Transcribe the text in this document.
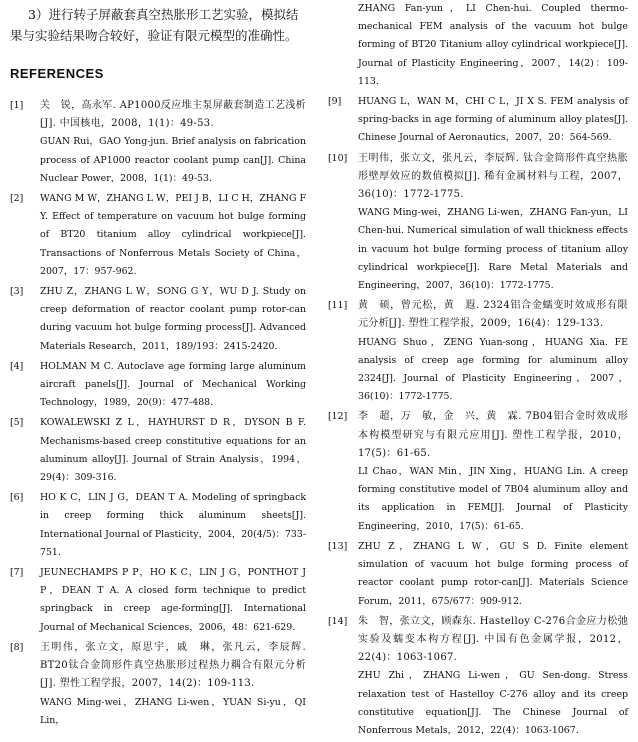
3）进行转子屏蔽套真空热胀形工艺实验，模拟结
果与实验结果吻合较好，验证有限元模型的准确性。
REFERENCES
[1] 关　锐，高永军. AP1000反应堆主泵屏蔽套制造工艺浅析[J]. 中国核电，2008，1(1)：49-53.
GUAN Rui，GAO Yong-jun. Brief analysis on fabrication process of AP1000 reactor coolant pump can[J]. China Nuclear Power，2008，1(1)：49-53.
[2] WANG M W，ZHANG L W，PEI J B，LI C H，ZHANG F Y. Effect of temperature on vacuum hot bulge forming of BT20 titanium alloy cylindrical workpiece[J]. Transactions of Nonferrous Metals Society of China，2007，17：957-962.
[3] ZHU Z，ZHANG L W，SONG G Y，WU D J. Study on creep deformation of reactor coolant pump rotor-can during vacuum hot bulge forming process[J]. Advanced Materials Research，2011，189/193：2415-2420.
[4] HOLMAN M C. Autoclave age forming large aluminum aircraft panels[J]. Journal of Mechanical Working Technology，1989，20(9)：477-488.
[5] KOWALEWSKI Z L，HAYHURST D R，DYSON B F. Mechanisms-based creep constitutive equations for an aluminum alloy[J]. Journal of Strain Analysis，1994，29(4)：309-316.
[6] HO K C，LIN J G，DEAN T A. Modeling of springback in creep forming thick aluminum sheets[J]. International Journal of Plasticity，2004，20(4/5)：733-751.
[7] JEUNECHAMPS P P，HO K C，LIN J G，PONTHOT J P，DEAN T A. A closed form technique to predict springback in creep age-forming[J]. International Journal of Mechanical Sciences，2006，48：621-629.
[8] 王明伟，张立文，原思宇，戚　琳，张凡云，李辰辉. BT20钛合金筒形件真空热胀形过程热力耦合有限元分析[J]. 塑性工程学报，2007，14(2)：109-113.
WANG Ming-wei，ZHANG Li-wen，YUAN Si-yu，QI Lin，
ZHANG Fan-yun，LI Chen-hui. Coupled thermo-mechanical FEM analysis of the vacuum hot bulge forming of BT20 Titanium alloy cylindrical workpiece[J]. Journal of Plasticity Engineering，2007，14(2)：109-113.
[9] HUANG L，WAN M，CHI C L，JI X S. FEM analysis of spring-backs in age forming of aluminum alloy plates[J]. Chinese Journal of Aeronautics，2007，20：564-569.
[10] 王明伟，张立文，张凡云，李辰辉. 钛合金筒形件真空热胀形壁厚效应的数值模拟[J]. 稀有金属材料与工程，2007，36(10)：1772-1775.
WANG Ming-wei，ZHANG Li-wen，ZHANG Fan-yun，LI Chen-hui. Numerical simulation of wall thickness effects in vacuum hot bulge forming process of titanium alloy cylindrical workpiece[J]. Rare Metal Materials and Engineering，2007，36(10)：1772-1775.
[11] 黄　硕，曾元松，黄　遐. 2324铝合金蠕变时效成形有限元分析[J]. 塑性工程学报，2009，16(4)：129-133.
HUANG Shuo，ZENG Yuan-song，HUANG Xia. FE analysis of creep age forming for aluminum alloy 2324[J]. Journal of Plasticity Engineering，2007，36(10)：1772-1775.
[12] 李　超，万　敏，金　兴，黄　霖. 7B04铝合金时效成形本构模型研究与有限元应用[J]. 塑性工程学报，2010，17(5)：61-65.
LI Chao，WAN Min，JIN Xing，HUANG Lin. A creep forming constitutive model of 7B04 aluminum alloy and its application in FEM[J]. Journal of Plasticity Engineering，2010，17(5)：61-65.
[13] ZHU Z，ZHANG L W，GU S D. Finite element simulation of vacuum hot bulge forming process of reactor coolant pump rotor-can[J]. Materials Science Forum，2011，675/677：909-912.
[14] 朱　智，张立文，顾森东. Hastelloy C-276合金应力松弛实验及蠕变本构方程[J]. 中国有色金属学报，2012，22(4)：1063-1067.
ZHU Zhi，ZHANG Li-wen，GU Sen-dong. Stress relaxation test of Hastelloy C-276 alloy and its creep constitutive equation[J]. The Chinese Journal of Nonferrous Metals，2012，22(4)：1063-1067.
